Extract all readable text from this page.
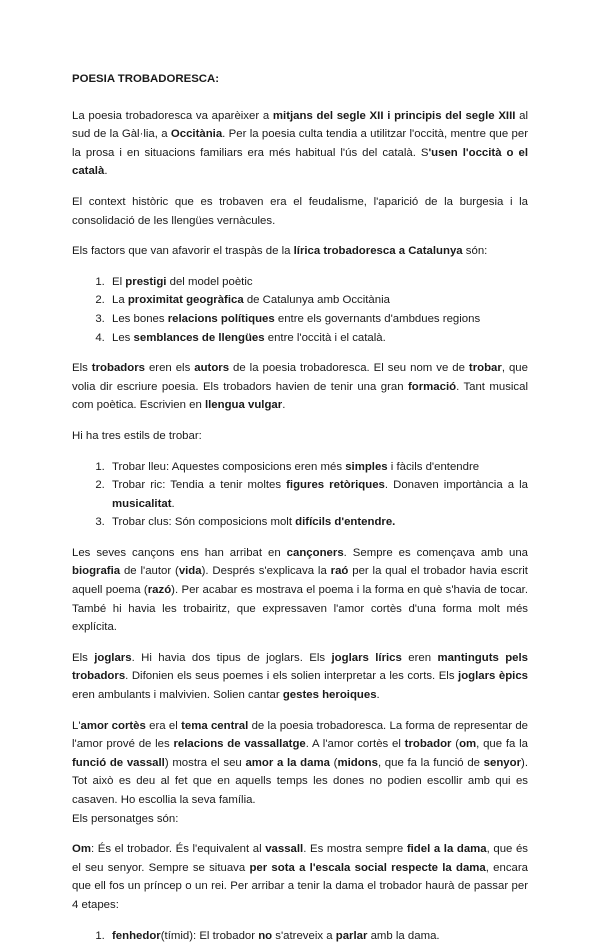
POESIA TROBADORESCA:

La poesia trobadoresca va aparèixer a mitjans del segle XII i principis del segle XIII al sud de la Gàl·lia, a Occitània. Per la poesia culta tendia a utilitzar l'occità, mentre que per la prosa i en situacions familiars era més habitual l'ús del català. S'usen l'occità o el català.

El context històric que es trobaven era el feudalisme, l'aparició de la burgesia i la consolidació de les llengües vernàcules.

Els factors que van afavorir el traspàs de la lírica trobadoresca a Catalunya són:

1. El prestigi del model poètic
2. La proximitat geogràfica de Catalunya amb Occitània
3. Les bones relacions polítiques entre els governants d'ambdues regions
4. Les semblances de llengües entre l'occità i el català.

Els trobadors eren els autors de la poesia trobadoresca. El seu nom ve de trobar, que volia dir escriure poesia. Els trobadors havien de tenir una gran formació. Tant musical com poètica. Escrivien en llengua vulgar.

Hi ha tres estils de trobar:

1. Trobar lleu: Aquestes composicions eren més simples i fàcils d'entendre
2. Trobar ric: Tendia a tenir moltes figures retòriques. Donaven importància a la musicalitat.
3. Trobar clus: Són composicions molt difícils d'entendre.

Les seves cançons ens han arribat en cançoners. Sempre es començava amb una biografia de l'autor (vida). Després s'explicava la raó per la qual el trobador havia escrit aquell poema (razó). Per acabar es mostrava el poema i la forma en què s'havia de tocar. També hi havia les trobairitz, que expressaven l'amor cortès d'una forma molt més explícita.

Els joglars. Hi havia dos tipus de joglars. Els joglars lírics eren mantinguts pels trobadors. Difonien els seus poemes i els solien interpretar a les corts. Els joglars èpics eren ambulants i malvivien. Solien cantar gestes heroiques.

L'amor cortès era el tema central de la poesia trobadoresca. La forma de representar de l'amor prové de les relacions de vassallatge. A l'amor cortès el trobador (om, que fa la funció de vassall) mostra el seu amor a la dama (midons, que fa la funció de senyor). Tot això es deu al fet que en aquells temps les dones no podien escollir amb qui es casaven. Ho escollia la seva família.

Els personatges són:

Om: És el trobador. És l'equivalent al vassall. Es mostra sempre fidel a la dama, que és el seu senyor. Sempre se situava per sota a l'escala social respecte la dama, encara que ell fos un príncep o un rei. Per arribar a tenir la dama el trobador haurà de passar per 4 etapes:

1. fenhedor(tímid): El trobador no s'atreveix a parlar amb la dama.
